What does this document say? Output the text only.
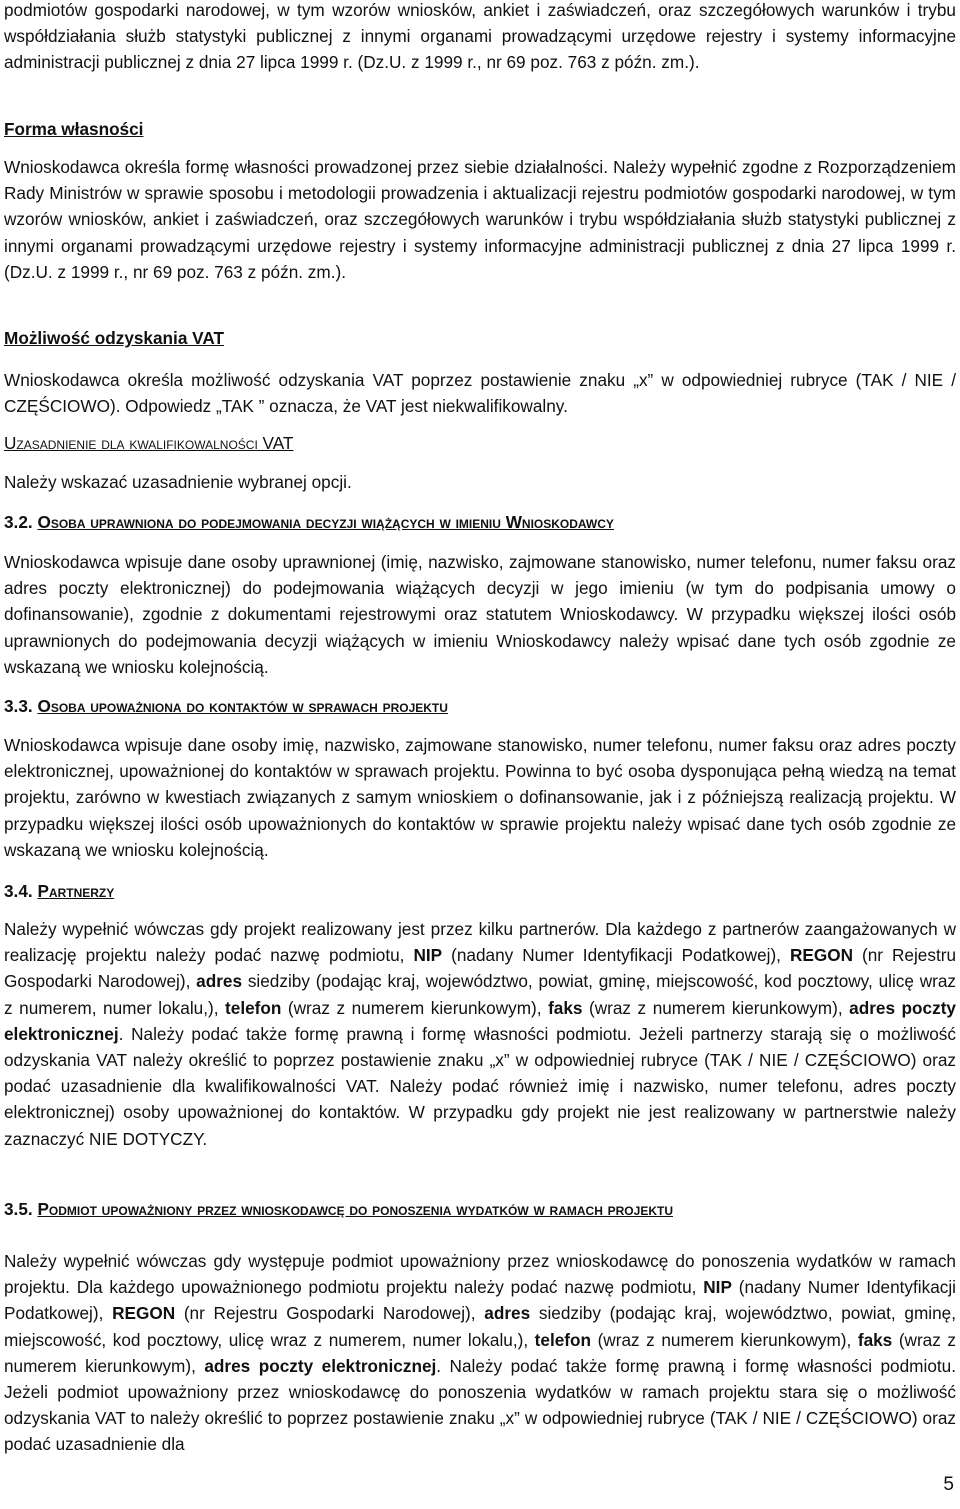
podmiotów gospodarki narodowej, w tym wzorów wniosków, ankiet i zaświadczeń, oraz szczegółowych warunków i trybu współdziałania służb statystyki publicznej z innymi organami prowadzącymi urzędowe rejestry i systemy informacyjne administracji publicznej z dnia 27 lipca 1999 r. (Dz.U. z 1999 r., nr 69 poz. 763 z późn. zm.).

Forma własności

Wnioskodawca określa formę własności prowadzonej przez siebie działalności. Należy wypełnić zgodne z Rozporządzeniem Rady Ministrów w sprawie sposobu i metodologii prowadzenia i aktualizacji rejestru podmiotów gospodarki narodowej, w tym wzorów wniosków, ankiet i zaświadczeń, oraz szczegółowych warunków i trybu współdziałania służb statystyki publicznej z innymi organami prowadzącymi urzędowe rejestry i systemy informacyjne administracji publicznej z dnia 27 lipca 1999 r. (Dz.U. z 1999 r., nr 69 poz. 763 z późn. zm.).

Możliwość odzyskania VAT

Wnioskodawca określa możliwość odzyskania VAT poprzez postawienie znaku „x” w odpowiedniej rubryce (TAK / NIE / CZĘŚCIOWO). Odpowiedz „TAK ” oznacza, że VAT jest niekwalifikowalny.

Uzasadnienie dla kwalifikowalności VAT

Należy wskazać uzasadnienie wybranej opcji.

3.2. Osoba uprawniona do podejmowania decyzji wiążących w imieniu Wnioskodawcy

Wnioskodawca wpisuje dane osoby uprawnionej (imię, nazwisko, zajmowane stanowisko, numer telefonu, numer faksu oraz adres poczty elektronicznej) do podejmowania wiążących decyzji w jego imieniu (w tym do podpisania umowy o dofinansowanie), zgodnie z dokumentami rejestrowymi oraz statutem Wnioskodawcy. W przypadku większej ilości osób uprawnionych do podejmowania decyzji wiążących w imieniu Wnioskodawcy należy wpisać dane tych osób zgodnie ze wskazaną we wniosku kolejnością.

3.3. Osoba upoważniona do kontaktów w sprawach projektu

Wnioskodawca wpisuje dane osoby imię, nazwisko, zajmowane stanowisko, numer telefonu, numer faksu oraz adres poczty elektronicznej, upoważnionej do kontaktów w sprawach projektu. Powinna to być osoba dysponująca pełną wiedzą na temat projektu, zarówno w kwestiach związanych z samym wnioskiem o dofinansowanie, jak i z późniejszą realizacją projektu. W przypadku większej ilości osób upoważnionych do kontaktów w sprawie projektu należy wpisać dane tych osób zgodnie ze wskazaną we wniosku kolejnością.

3.4. Partnerzy

Należy wypełnić wówczas gdy projekt realizowany jest przez kilku partnerów. Dla każdego z partnerów zaangażowanych w realizację projektu należy podać nazwę podmiotu, NIP (nadany Numer Identyfikacji Podatkowej), REGON (nr Rejestru Gospodarki Narodowej), adres siedziby (podając kraj, województwo, powiat, gminę, miejscowość, kod pocztowy, ulicę wraz z numerem, numer lokalu,), telefon (wraz z numerem kierunkowym), faks (wraz z numerem kierunkowym), adres poczty elektronicznej. Należy podać także formę prawną i formę własności podmiotu. Jeżeli partnerzy starają się o możliwość odzyskania VAT należy określić to poprzez postawienie znaku „x” w odpowiedniej rubryce (TAK / NIE / CZĘŚCIOWO) oraz podać uzasadnienie dla kwalifikowalności VAT. Należy podać również imię i nazwisko, numer telefonu, adres poczty elektronicznej) osoby upoważnionej do kontaktów. W przypadku gdy projekt nie jest realizowany w partnerstwie należy zaznaczyć NIE DOTYCZY.

3.5. Podmiot upoważniony przez wnioskodawcę do ponoszenia wydatków w ramach projektu

Należy wypełnić wówczas gdy występuje podmiot upoważniony przez wnioskodawcę do ponoszenia wydatków w ramach projektu. Dla każdego upoważnionego podmiotu projektu należy podać nazwę podmiotu, NIP (nadany Numer Identyfikacji Podatkowej), REGON (nr Rejestru Gospodarki Narodowej), adres siedziby (podając kraj, województwo, powiat, gminę, miejscowość, kod pocztowy, ulicę wraz z numerem, numer lokalu,), telefon (wraz z numerem kierunkowym), faks (wraz z numerem kierunkowym), adres poczty elektronicznej. Należy podać także formę prawną i formę własności podmiotu. Jeżeli podmiot upoważniony przez wnioskodawcę do ponoszenia wydatków w ramach projektu stara się o możliwość odzyskania VAT to należy określić to poprzez postawienie znaku „x” w odpowiedniej rubryce (TAK / NIE / CZĘŚCIOWO) oraz podać uzasadnienie dla

5
